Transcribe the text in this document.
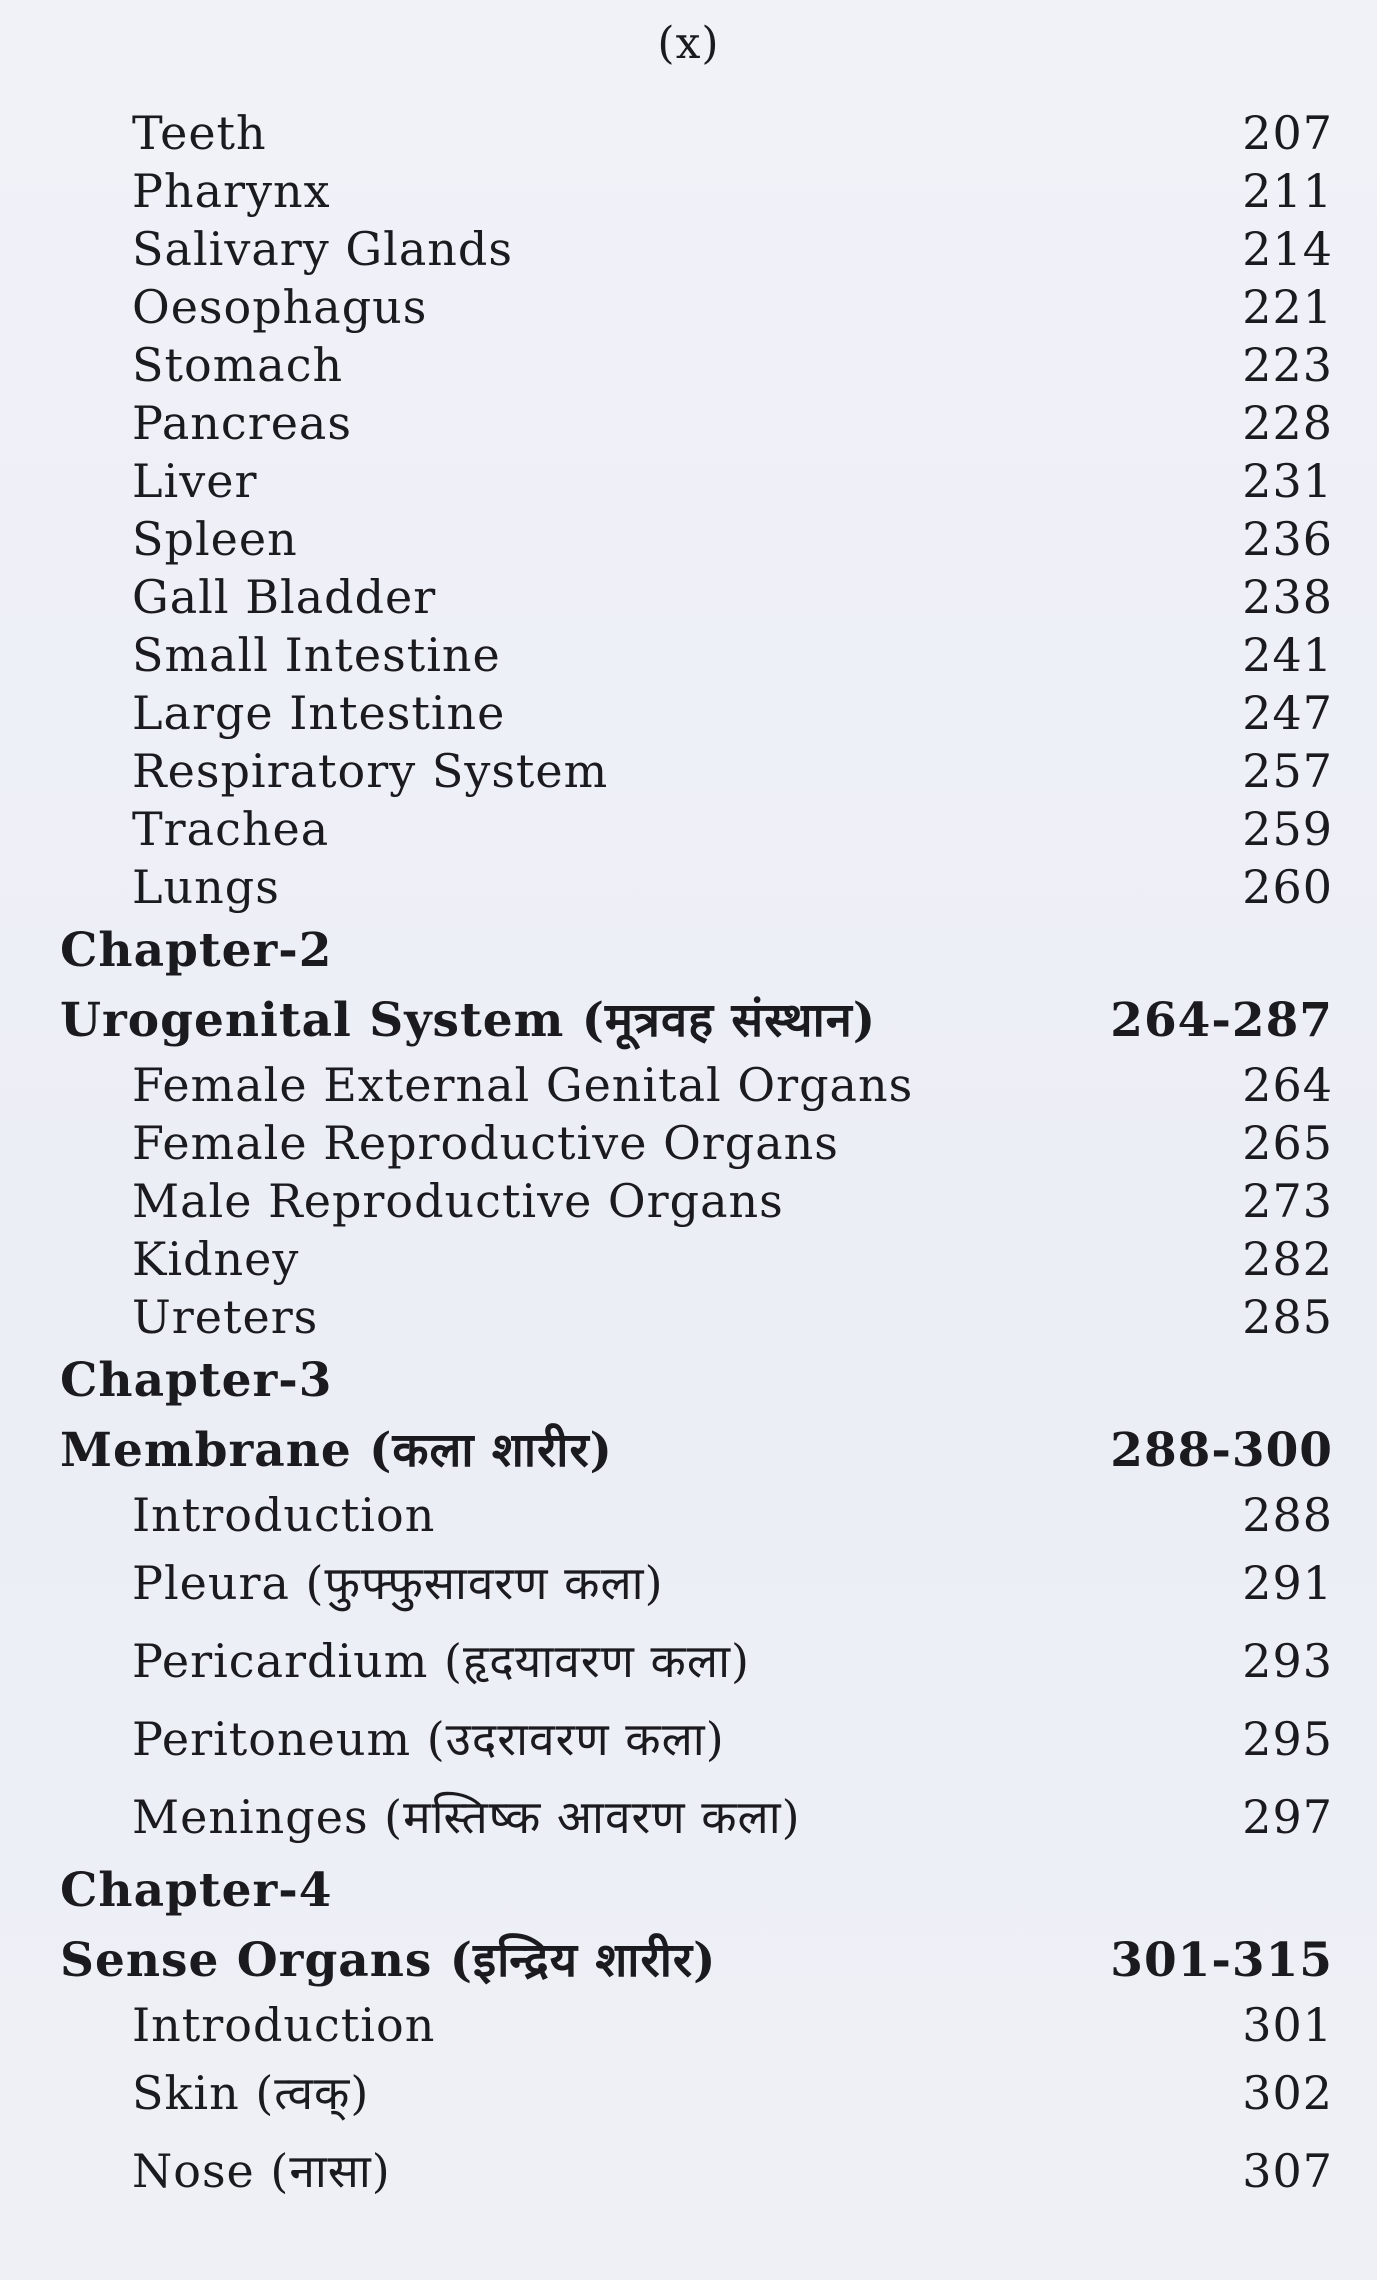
(x)
Teeth	207
Pharynx	211
Salivary Glands	214
Oesophagus	221
Stomach	223
Pancreas	228
Liver	231
Spleen	236
Gall Bladder	238
Small Intestine	241
Large Intestine	247
Respiratory System	257
Trachea	259
Lungs	260
Chapter-2
Urogenital System (मूत्रवह संस्थान)	264-287
Female External Genital Organs	264
Female Reproductive Organs	265
Male Reproductive Organs	273
Kidney	282
Ureters	285
Chapter-3
Membrane (कला शारीर)	288-300
Introduction	288
Pleura (फुफ्फुसावरण कला)	291
Pericardium (हृदयावरण कला)	293
Peritoneum (उदरावरण कला)	295
Meninges (मस्तिष्क आवरण कला)	297
Chapter-4
Sense Organs (इन्द्रिय शारीर)	301-315
Introduction	301
Skin (त्वक्)	302
Nose (नासा)	307
